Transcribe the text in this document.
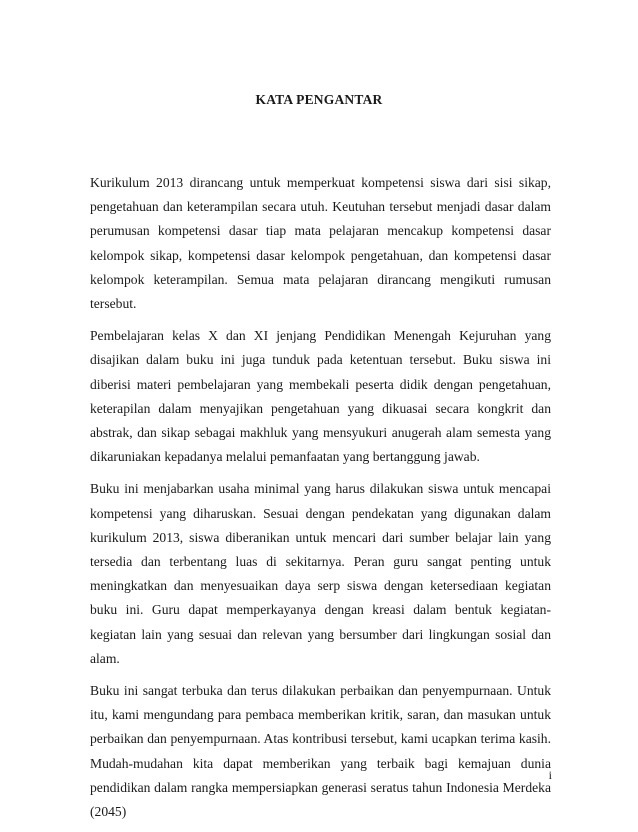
KATA PENGANTAR

Kurikulum 2013 dirancang untuk memperkuat kompetensi siswa dari sisi sikap, pengetahuan dan keterampilan secara utuh. Keutuhan tersebut menjadi dasar dalam perumusan kompetensi dasar tiap mata pelajaran mencakup kompetensi dasar kelompok sikap, kompetensi dasar kelompok pengetahuan, dan kompetensi dasar kelompok keterampilan. Semua mata pelajaran dirancang mengikuti rumusan tersebut.

Pembelajaran kelas X dan XI jenjang Pendidikan Menengah Kejuruhan yang disajikan dalam buku ini juga tunduk pada ketentuan tersebut. Buku siswa ini diberisi materi pembelajaran yang membekali peserta didik dengan pengetahuan, keterapilan dalam menyajikan pengetahuan yang dikuasai secara kongkrit dan abstrak, dan sikap sebagai makhluk yang mensyukuri anugerah alam semesta yang dikaruniakan kepadanya melalui pemanfaatan yang bertanggung jawab.

Buku ini menjabarkan usaha minimal yang harus dilakukan siswa untuk mencapai kompetensi yang diharuskan. Sesuai dengan pendekatan yang digunakan dalam kurikulum 2013, siswa diberanikan untuk mencari dari sumber belajar lain yang tersedia dan terbentang luas di sekitarnya. Peran guru sangat penting untuk meningkatkan dan menyesuaikan daya serp siswa dengan ketersediaan kegiatan buku ini. Guru dapat memperkayanya dengan kreasi dalam bentuk kegiatan-kegiatan lain yang sesuai dan relevan yang bersumber dari lingkungan sosial dan alam.

Buku ini sangat terbuka dan terus dilakukan perbaikan dan penyempurnaan. Untuk itu, kami mengundang para pembaca memberikan kritik, saran, dan masukan untuk perbaikan dan penyempurnaan. Atas kontribusi tersebut, kami ucapkan terima kasih. Mudah-mudahan kita dapat memberikan yang terbaik bagi kemajuan dunia pendidikan dalam rangka mempersiapkan generasi seratus tahun Indonesia Merdeka (2045)

i
